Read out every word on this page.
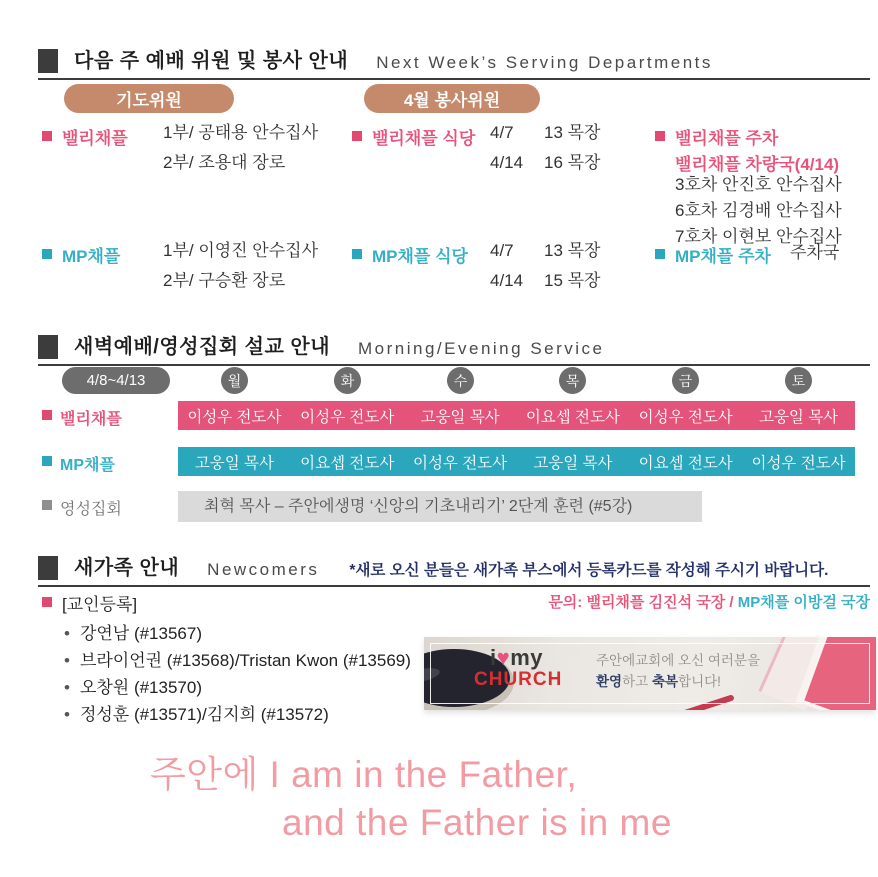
다음 주 예배 위원 및 봉사 안내 Next Week’s Serving Departments
기도위원	4월 봉사위원
밸리채플 1부/ 공태용 안수집사
2부/ 조용대 장로
MP채플	1부/ 이영진 안수집사
2부/ 구승환 장로
밸리채플 식당 4/7	13 목장
4/14	16 목장
MP채플 식당 4/7	13 목장
4/14	15 목장
밸리채플 주차
밸리채플 차량국(4/14)
3호차 안진호 안수집사
6호차 김경배 안수집사
7호차 이현보 안수집사
MP채플 주차 주차국
새벽예배/영성집회 설교 안내 Morning/Evening Service
4/8~4/13	월	화	수	목	금	토
밸리채플	이성우 전도사	이성우 전도사	고웅일 목사	이요셉 전도사	이성우 전도사	고웅일 목사
MP채플	고웅일 목사	이요셉 전도사	이성우 전도사	고웅일 목사	이요셉 전도사	이성우 전도사
영성집회	최혁 목사 – 주안에생명 ‘신앙의 기초내리기’ 2단계 훈련 (#5강)
새가족 안내 Newcomers *새로 오신 분들은 새가족 부스에서 등록카드를 작성해 주시기 바랍니다.
[교인등록]	문의: 밸리채플 김진석 국장 / MP채플 이방걸 국장
• 강연남 (#13567)
• 브라이언권 (#13568)/Tristan Kwon (#13569)
• 오창원 (#13570)
• 정성훈 (#13571)/김지희 (#13572)
i♥my
CHURCH
주안에교회에 오신 여러분을
환영하고 축복합니다!
주안에 I am in the Father,
and the Father is in me
